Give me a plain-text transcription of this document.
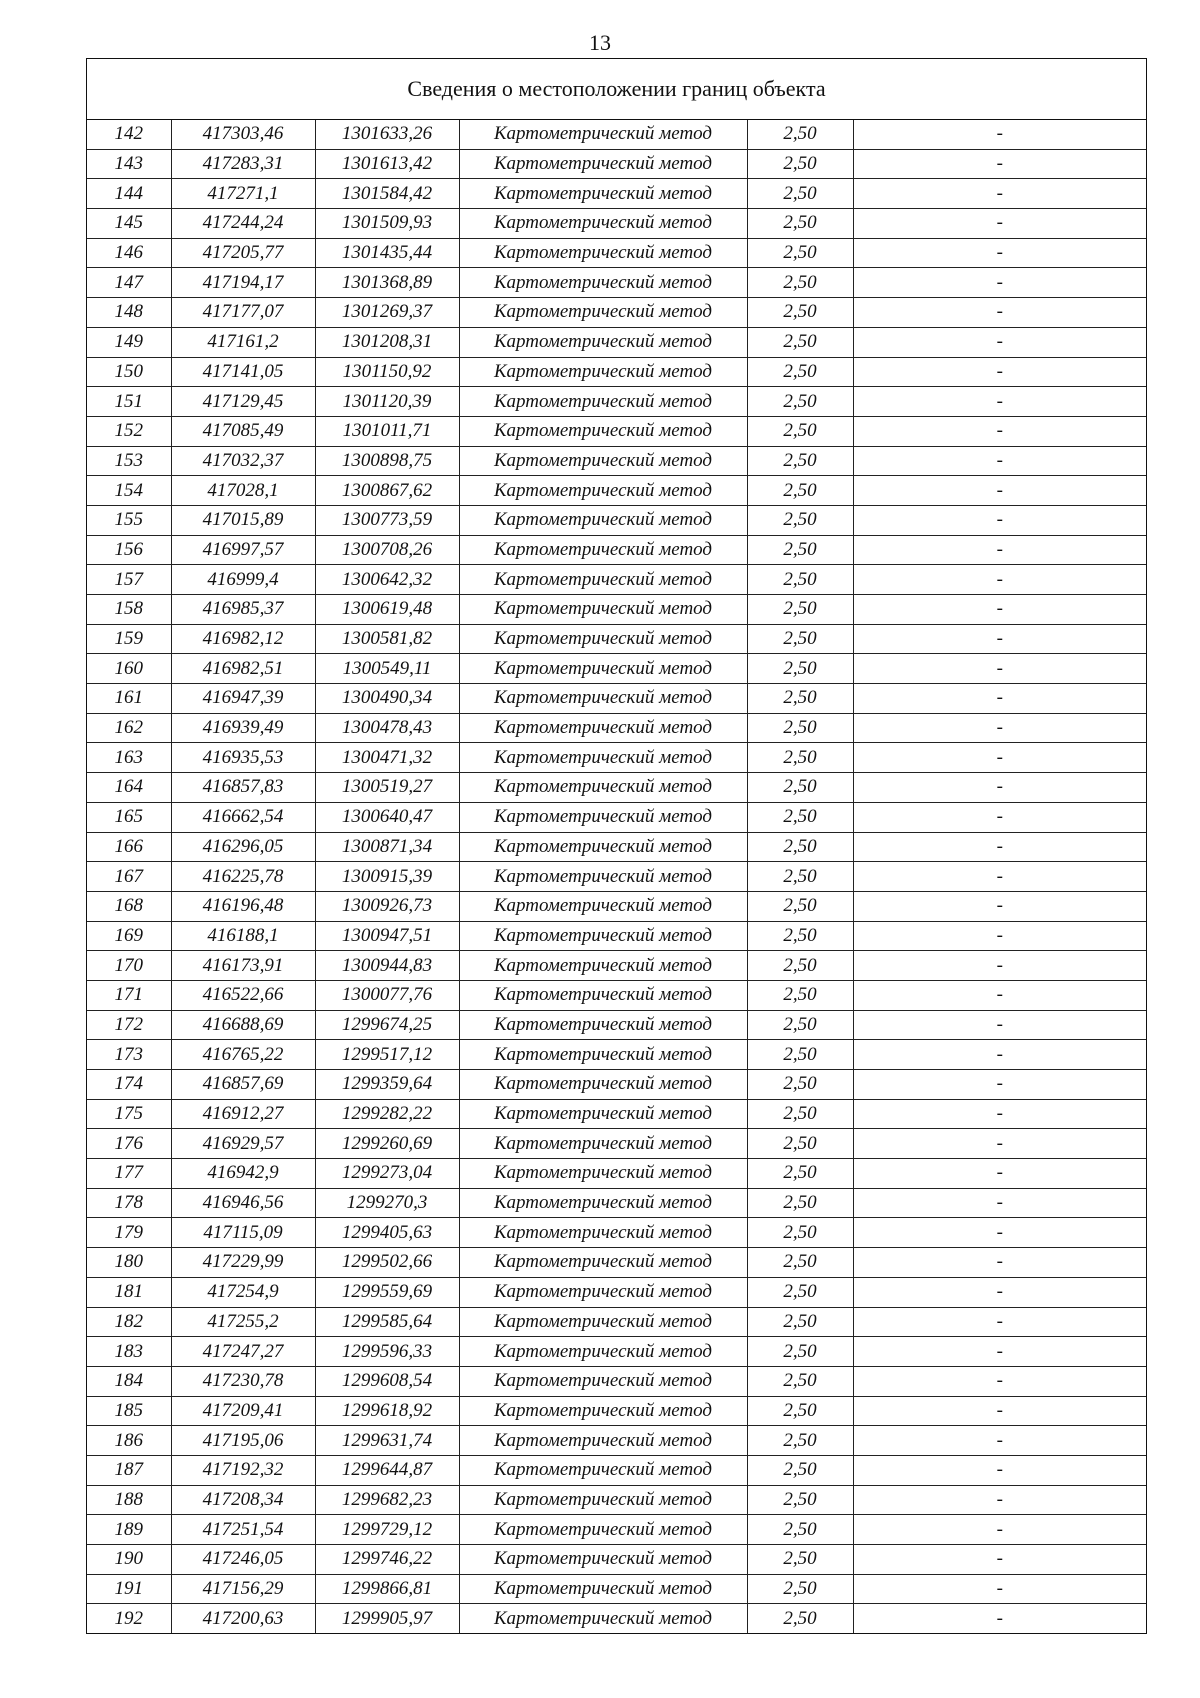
13
Сведения о местоположении границ объекта
142	417303,46	1301633,26	Картометрический метод	2,50	-
143	417283,31	1301613,42	Картометрический метод	2,50	-
144	417271,1	1301584,42	Картометрический метод	2,50	-
145	417244,24	1301509,93	Картометрический метод	2,50	-
146	417205,77	1301435,44	Картометрический метод	2,50	-
147	417194,17	1301368,89	Картометрический метод	2,50	-
148	417177,07	1301269,37	Картометрический метод	2,50	-
149	417161,2	1301208,31	Картометрический метод	2,50	-
150	417141,05	1301150,92	Картометрический метод	2,50	-
151	417129,45	1301120,39	Картометрический метод	2,50	-
152	417085,49	1301011,71	Картометрический метод	2,50	-
153	417032,37	1300898,75	Картометрический метод	2,50	-
154	417028,1	1300867,62	Картометрический метод	2,50	-
155	417015,89	1300773,59	Картометрический метод	2,50	-
156	416997,57	1300708,26	Картометрический метод	2,50	-
157	416999,4	1300642,32	Картометрический метод	2,50	-
158	416985,37	1300619,48	Картометрический метод	2,50	-
159	416982,12	1300581,82	Картометрический метод	2,50	-
160	416982,51	1300549,11	Картометрический метод	2,50	-
161	416947,39	1300490,34	Картометрический метод	2,50	-
162	416939,49	1300478,43	Картометрический метод	2,50	-
163	416935,53	1300471,32	Картометрический метод	2,50	-
164	416857,83	1300519,27	Картометрический метод	2,50	-
165	416662,54	1300640,47	Картометрический метод	2,50	-
166	416296,05	1300871,34	Картометрический метод	2,50	-
167	416225,78	1300915,39	Картометрический метод	2,50	-
168	416196,48	1300926,73	Картометрический метод	2,50	-
169	416188,1	1300947,51	Картометрический метод	2,50	-
170	416173,91	1300944,83	Картометрический метод	2,50	-
171	416522,66	1300077,76	Картометрический метод	2,50	-
172	416688,69	1299674,25	Картометрический метод	2,50	-
173	416765,22	1299517,12	Картометрический метод	2,50	-
174	416857,69	1299359,64	Картометрический метод	2,50	-
175	416912,27	1299282,22	Картометрический метод	2,50	-
176	416929,57	1299260,69	Картометрический метод	2,50	-
177	416942,9	1299273,04	Картометрический метод	2,50	-
178	416946,56	1299270,3	Картометрический метод	2,50	-
179	417115,09	1299405,63	Картометрический метод	2,50	-
180	417229,99	1299502,66	Картометрический метод	2,50	-
181	417254,9	1299559,69	Картометрический метод	2,50	-
182	417255,2	1299585,64	Картометрический метод	2,50	-
183	417247,27	1299596,33	Картометрический метод	2,50	-
184	417230,78	1299608,54	Картометрический метод	2,50	-
185	417209,41	1299618,92	Картометрический метод	2,50	-
186	417195,06	1299631,74	Картометрический метод	2,50	-
187	417192,32	1299644,87	Картометрический метод	2,50	-
188	417208,34	1299682,23	Картометрический метод	2,50	-
189	417251,54	1299729,12	Картометрический метод	2,50	-
190	417246,05	1299746,22	Картометрический метод	2,50	-
191	417156,29	1299866,81	Картометрический метод	2,50	-
192	417200,63	1299905,97	Картометрический метод	2,50	-
